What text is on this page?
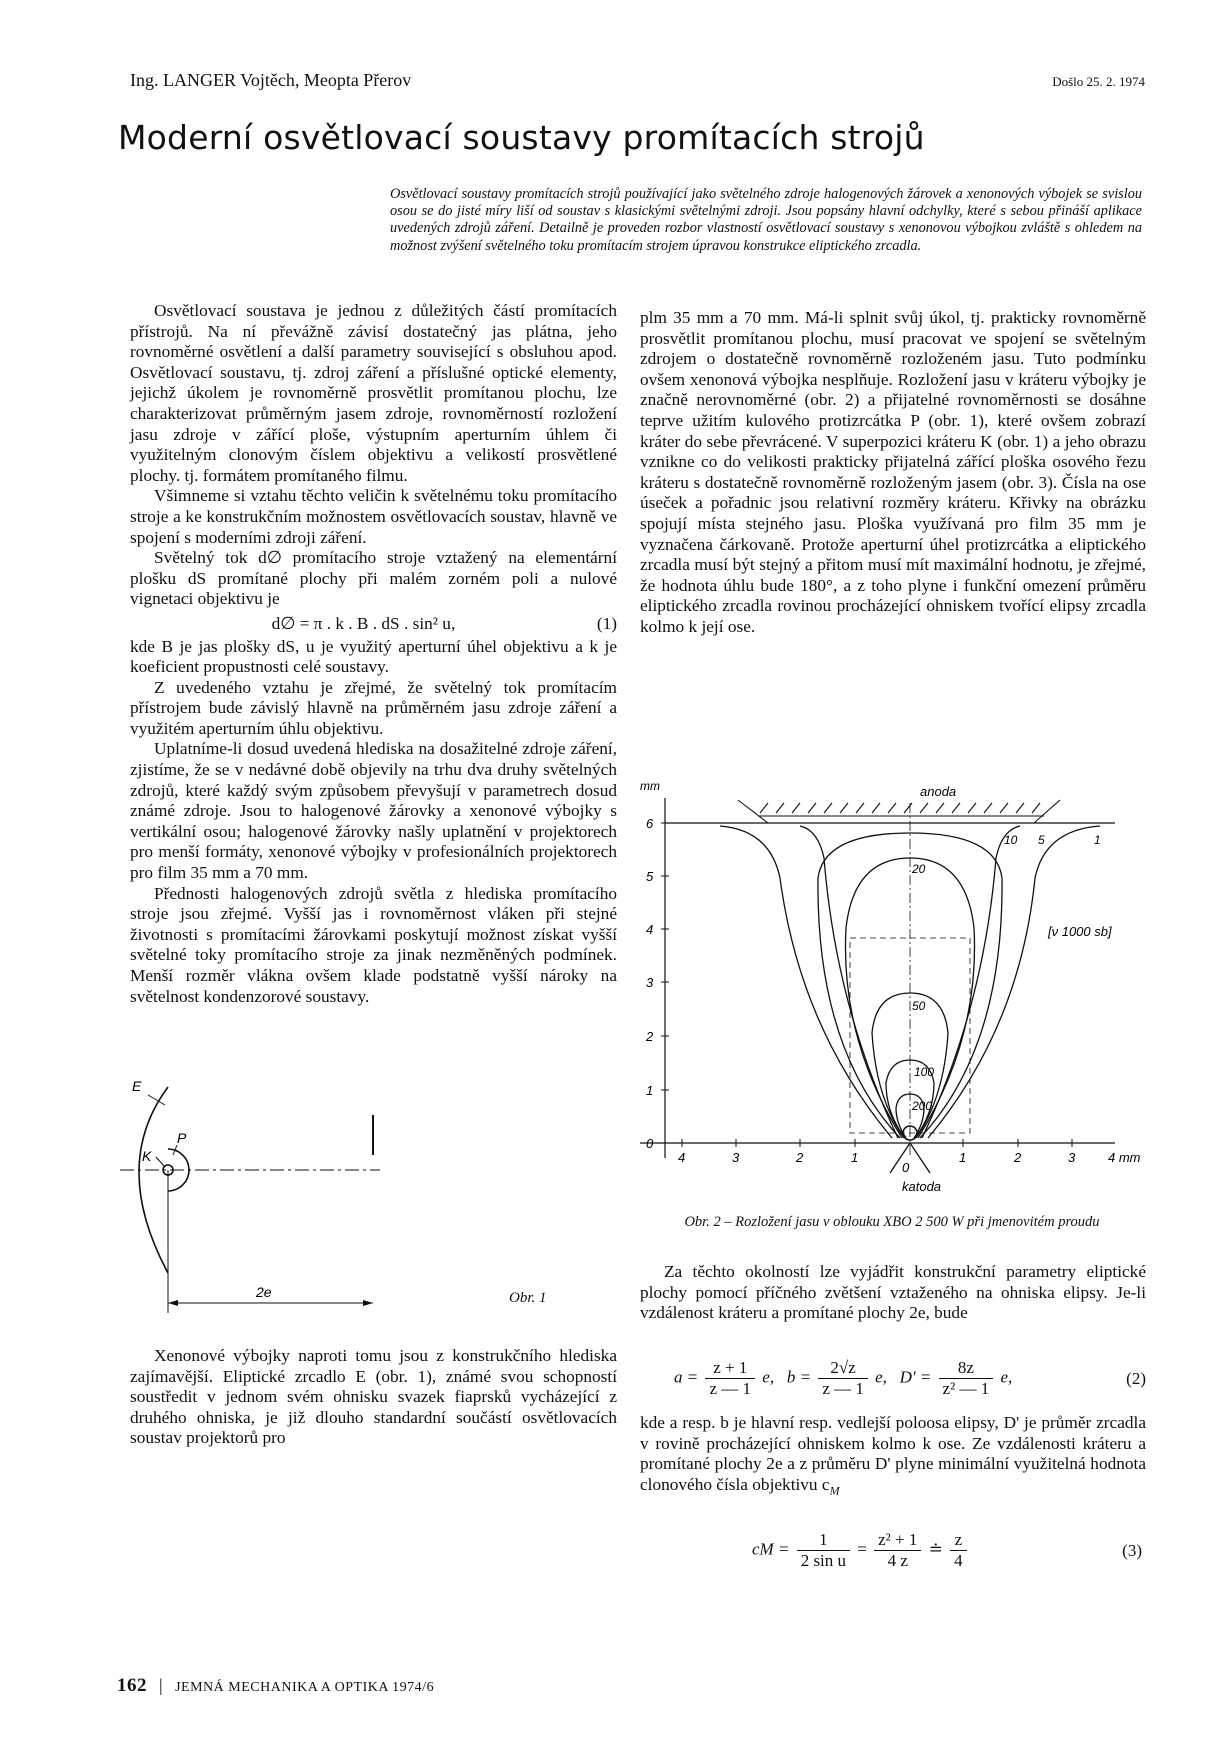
Ing. LANGER Vojtěch, Meopta Přerov	Došlo 25. 2. 1974
Moderní osvětlovací soustavy promítacích strojů
Osvětlovací soustavy promítacích strojů používající jako světelného zdroje halogenových žárovek a xenonových výbojek se svislou osou se do jisté míry liší od soustav s klasickými světelnými zdroji. Jsou popsány hlavní odchylky, které s sebou přináší aplikace uvedených zdrojů záření. Detailně je proveden rozbor vlastností osvětlovací soustavy s xenonovou výbojkou zvláště s ohledem na možnost zvýšení světelného toku promítacím strojem úpravou konstrukce eliptického zrcadla.

Osvětlovací soustava je jednou z důležitých částí promítacích přístrojů. Na ní převážně závisí dostatečný jas plátna, jeho rovnoměrné osvětlení a další parametry související s obsluhou apod. Osvětlovací soustavu, tj. zdroj záření a příslušné optické elementy, jejichž úkolem je rovnoměrně prosvětlit promítanou plochu, lze charakterizovat průměrným jasem zdroje, rovnoměrností rozložení jasu zdroje v zářící ploše, výstupním aperturním úhlem či využitelným clonovým číslem objektivu a velikostí prosvětlené plochy. tj. formátem promítaného filmu.

Všimneme si vztahu těchto veličin k světelnému toku promítacího stroje a ke konstrukčním možnostem osvětlovacích soustav, hlavně ve spojení s moderními zdroji záření.

Světelný tok d∅ promítacího stroje vztažený na elementární plošku dS promítané plochy při malém zorném poli a nulové vignetaci objektivu je

d∅ = π . k . B . dS . sin² u,	(1)

kde B je jas plošky dS, u je využitý aperturní úhel objektivu a k je koeficient propustnosti celé soustavy.

Z uvedeného vztahu je zřejmé, že světelný tok promítacím přístrojem bude závislý hlavně na průměrném jasu zdroje záření a využitém aperturním úhlu objektivu.

Uplatníme-li dosud uvedená hlediska na dosažitelné zdroje záření, zjistíme, že se v nedávné době objevily na trhu dva druhy světelných zdrojů, které každý svým způsobem převyšují v parametrech dosud známé zdroje. Jsou to halogenové žárovky a xenonové výbojky s vertikální osou; halogenové žárovky našly uplatnění v projektorech pro menší formáty, xenonové výbojky v profesionálních projektorech pro film 35 mm a 70 mm.

Přednosti halogenových zdrojů světla z hlediska promítacího stroje jsou zřejmé. Vyšší jas i rovnoměrnost vláken při stejné životnosti s promítacími žárovkami poskytují možnost získat vyšší světelné toky promítacího stroje za jinak nezměněných podmínek. Menší rozměr vlákna ovšem klade podstatně vyšší nároky na světelnost kondenzorové soustavy.

E
P
K
2e	Obr. 1

Xenonové výbojky naproti tomu jsou z konstrukčního hlediska zajímavější. Eliptické zrcadlo E (obr. 1), známé svou schopností soustředit v jednom svém ohnisku svazek fiaprsků vycházející z druhého ohniska, je již dlouho standardní součástí osvětlovacích soustav projektorů pro

plm 35 mm a 70 mm. Má-li splnit svůj úkol, tj. prakticky rovnoměrně prosvětlit promítanou plochu, musí pracovat ve spojení se světelným zdrojem o dostatečně rovnoměrně rozloženém jasu. Tuto podmínku ovšem xenonová výbojka nesplňuje. Rozložení jasu v kráteru výbojky je značně nerovnoměrné (obr. 2) a přijatelné rovnoměrnosti se dosáhne teprve užitím kulového protizrcátka P (obr. 1), které ovšem zobrazí kráter do sebe převrácené. V superpozici kráteru K (obr. 1) a jeho obrazu vznikne co do velikosti prakticky přijatelná zářící ploška osového řezu kráteru s dostatečně rovnoměrně rozloženým jasem (obr. 3). Čísla na ose úseček a pořadnic jsou relativní rozměry kráteru. Křivky na obrázku spojují místa stejného jasu. Ploška využívaná pro film 35 mm je vyznačena čárkovaně. Protože aperturní úhel protizrcátka a eliptického zrcadla musí být stejný a přitom musí mít maximální hodnotu, je zřejmé, že hodnota úhlu bude 180°, a z toho plyne i funkční omezení průměru eliptického zrcadla rovinou procházející ohniskem tvořící elipsy zrcadla kolmo k její ose.

mm
6
5
4
3
2
1
0
4	3	2	1
0
1	2	3	4 mm
anoda
katoda
[ν 1000 sb]
1
5
10
20
50
100
200
Obr. 2 – Rozložení jasu v oblouku XBO 2 500 W při jmenovitém proudu

Za těchto okolností lze vyjádřit konstrukční parametry eliptické plochy pomocí příčného zvětšení vztaženého na ohniska elipsy. Je-li vzdálenost kráteru a promítané plochy 2e, bude

$a = \frac{z + 1}{z — 1} e$, $b = \frac{2√z}{z — 1} e$, $D' = \frac{8z}{\text{z² — 1}} e$,	(2)

kde a resp. b je hlavní resp. vedlejší poloosa elipsy, D' je průměr zrcadla v rovině procházející ohniskem kolmo k ose. Ze vzdálenosti kráteru a promítané plochy 2e a z průměru D' plyne minimální využitelná hodnota clonového čísla objektivu $c_M$

cM = $\frac{1}{\text{2 sin u}} = \frac{\text{z² + 1}}{4 z}$ ≐ $\frac{z}{4}$	(3)
162 | JEMNÁ MECHANIKA A OPTIKA 1974/6
